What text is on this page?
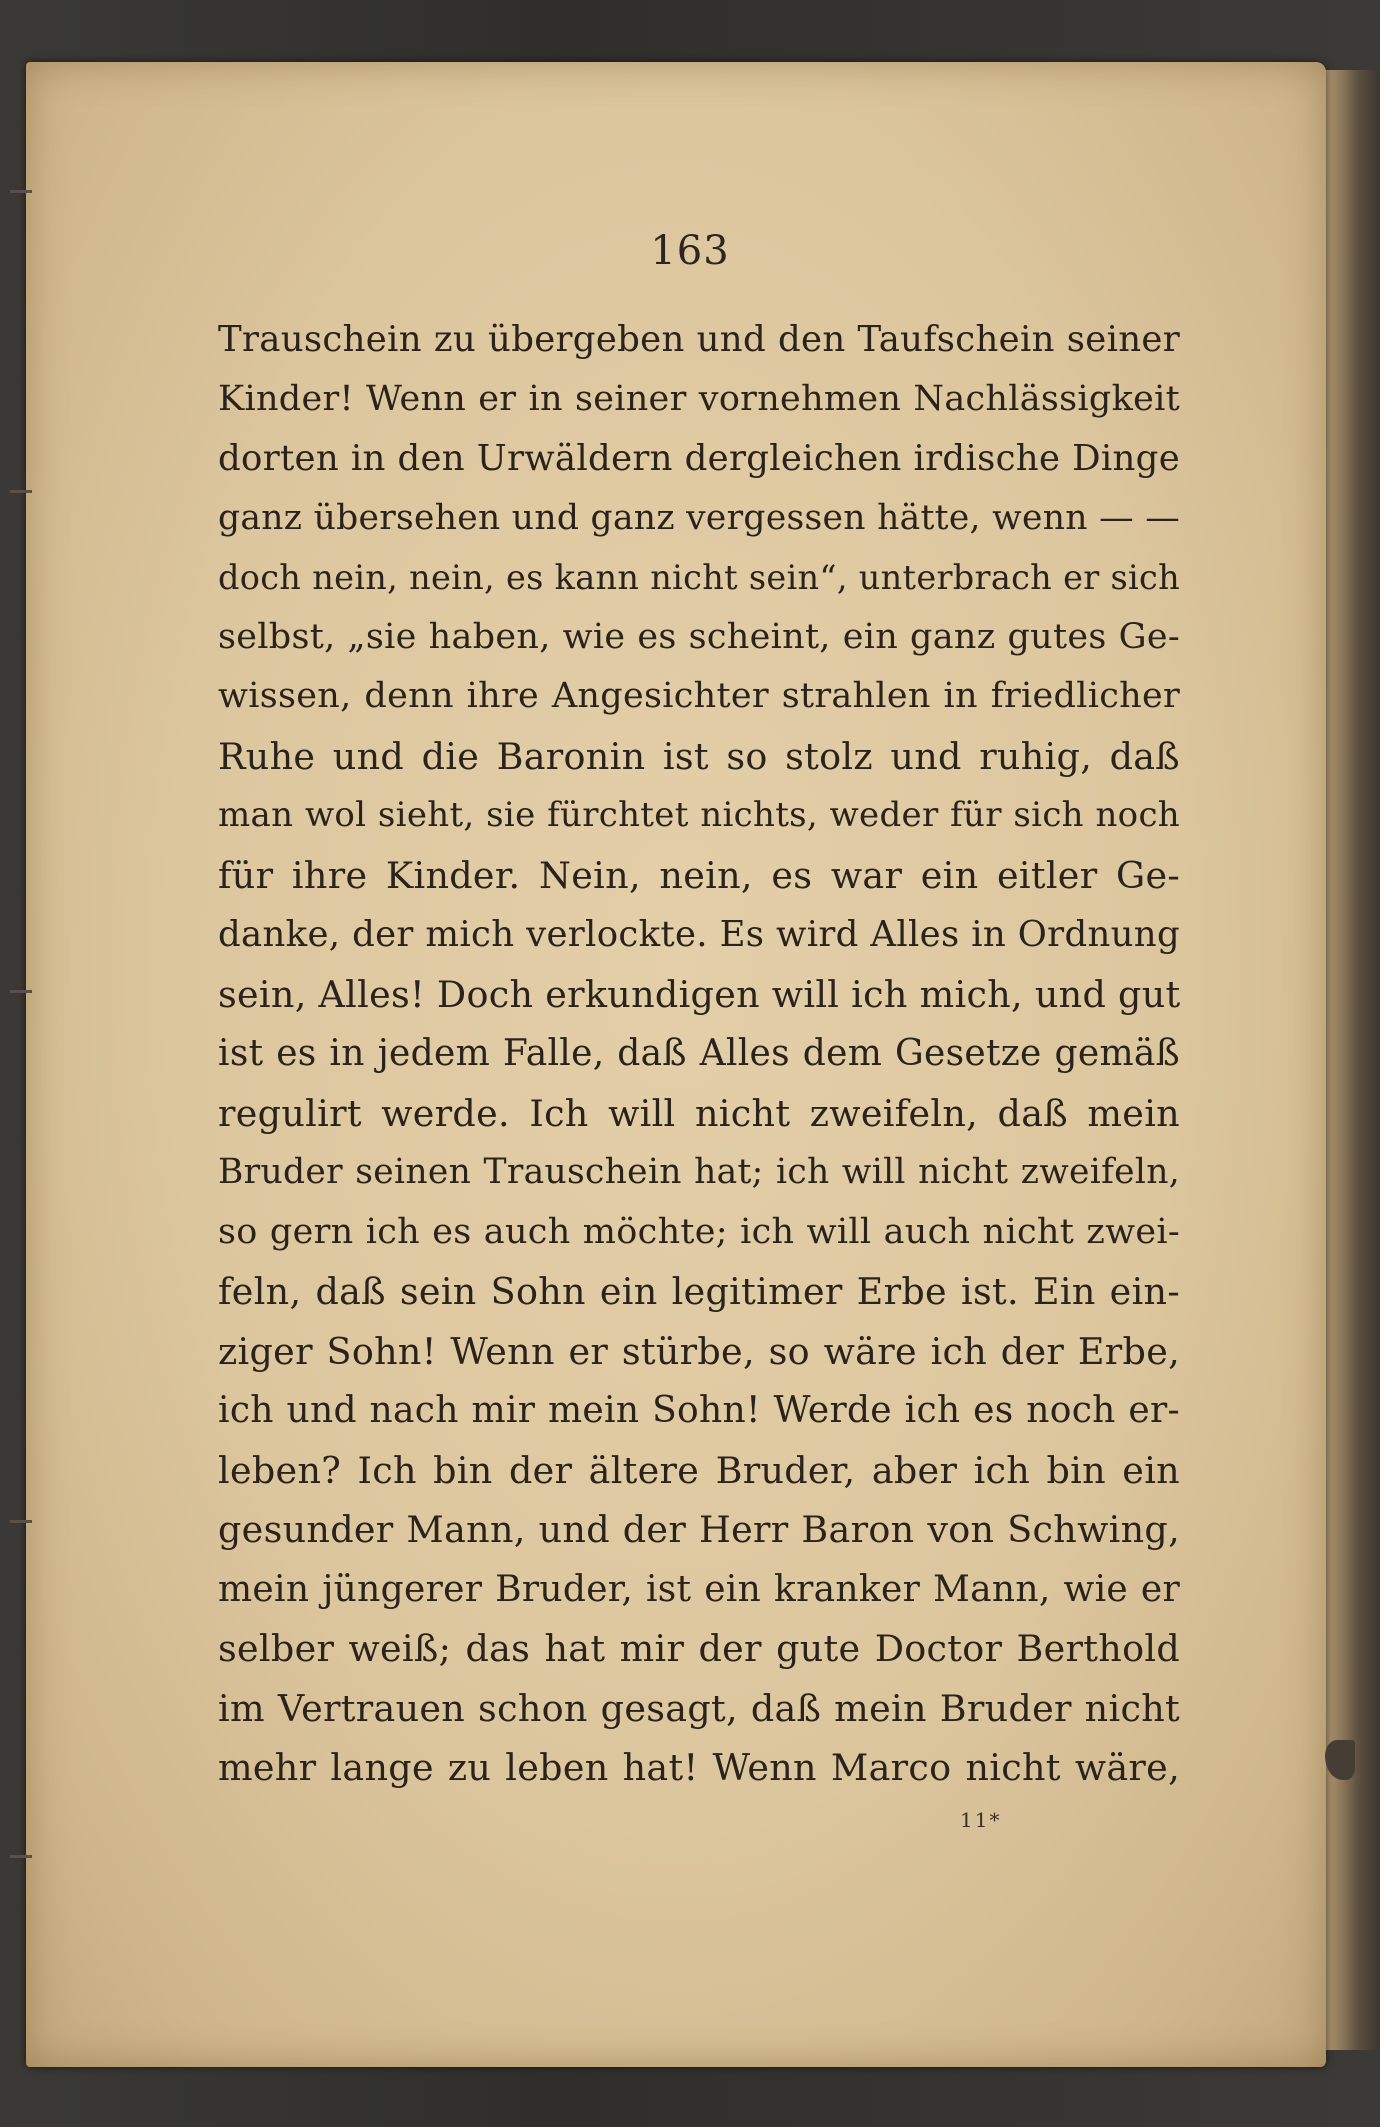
163
Trauschein zu übergeben und den Taufschein seiner
Kinder! Wenn er in seiner vornehmen Nachlässigkeit
dorten in den Urwäldern dergleichen irdische Dinge
ganz übersehen und ganz vergessen hätte, wenn — —
doch nein, nein, es kann nicht sein“, unterbrach er sich
selbst, „sie haben, wie es scheint, ein ganz gutes Ge-
wissen, denn ihre Angesichter strahlen in friedlicher
Ruhe und die Baronin ist so stolz und ruhig, daß
man wol sieht, sie fürchtet nichts, weder für sich noch
für ihre Kinder. Nein, nein, es war ein eitler Ge-
danke, der mich verlockte. Es wird Alles in Ordnung
sein, Alles! Doch erkundigen will ich mich, und gut
ist es in jedem Falle, daß Alles dem Gesetze gemäß
regulirt werde. Ich will nicht zweifeln, daß mein
Bruder seinen Trauschein hat; ich will nicht zweifeln,
so gern ich es auch möchte; ich will auch nicht zwei-
feln, daß sein Sohn ein legitimer Erbe ist. Ein ein-
ziger Sohn! Wenn er stürbe, so wäre ich der Erbe,
ich und nach mir mein Sohn! Werde ich es noch er-
leben? Ich bin der ältere Bruder, aber ich bin ein
gesunder Mann, und der Herr Baron von Schwing,
mein jüngerer Bruder, ist ein kranker Mann, wie er
selber weiß; das hat mir der gute Doctor Berthold
im Vertrauen schon gesagt, daß mein Bruder nicht
mehr lange zu leben hat! Wenn Marco nicht wäre,
11*
